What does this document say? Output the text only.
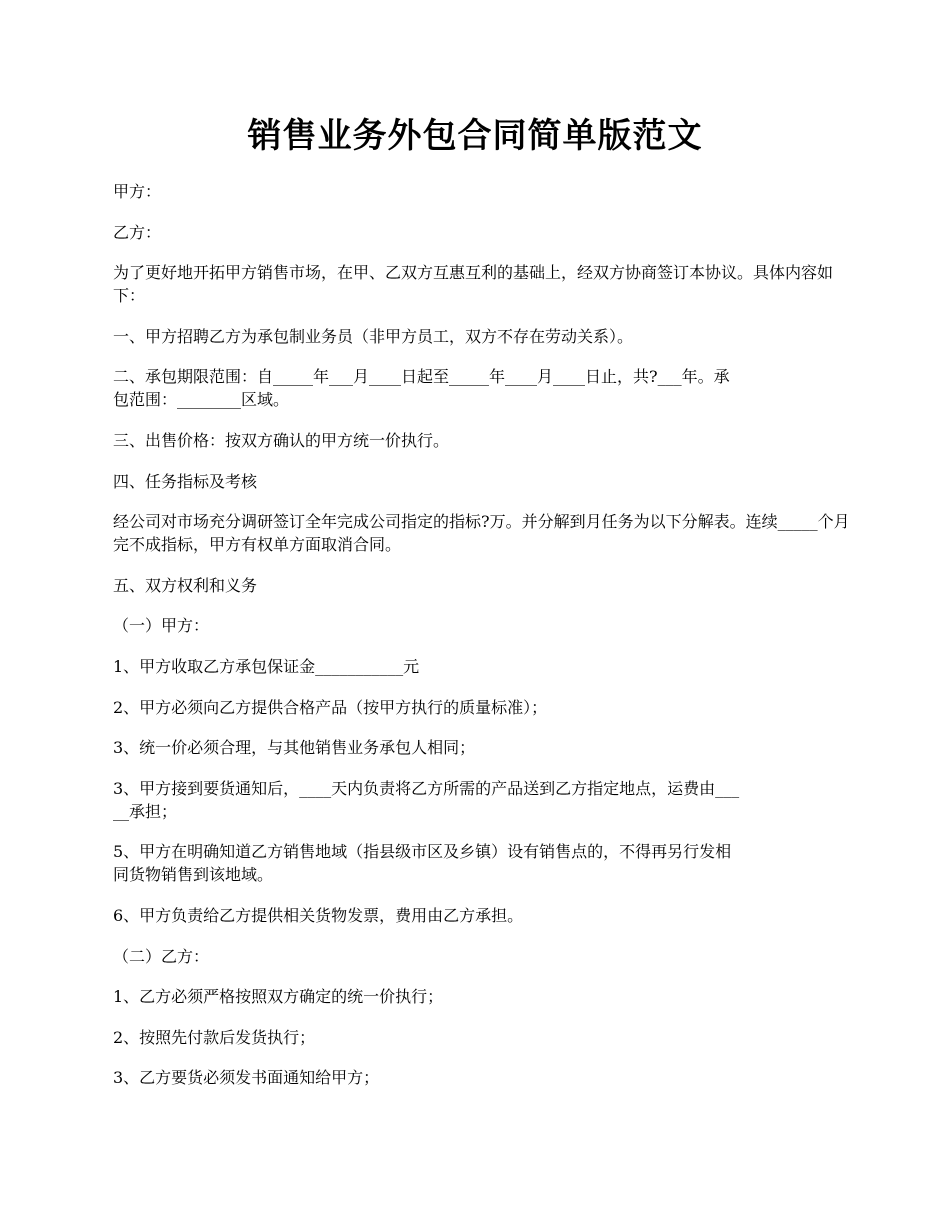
销售业务外包合同简单版范文

甲方：

乙方：

为了更好地开拓甲方销售市场，在甲、乙双方互惠互利的基础上，经双方协商签订本协议。具体内容如下：

一、甲方招聘乙方为承包制业务员（非甲方员工，双方不存在劳动关系）。

二、承包期限范围：自_____年___月____日起至_____年____月____日止，共?___年。承
包范围：________区域。

三、出售价格：按双方确认的甲方统一价执行。

四、任务指标及考核

经公司对市场充分调研签订全年完成公司指定的指标?万。并分解到月任务为以下分解表。连续_____个月完不成指标，甲方有权单方面取消合同。

五、双方权利和义务

（一）甲方：

1、甲方收取乙方承包保证金___________元

2、甲方必须向乙方提供合格产品（按甲方执行的质量标准）；

3、统一价必须合理，与其他销售业务承包人相同；

3、甲方接到要货通知后，____天内负责将乙方所需的产品送到乙方指定地点，运费由___
__承担；

5、甲方在明确知道乙方销售地域（指县级市区及乡镇）设有销售点的，不得再另行发相
同货物销售到该地域。

6、甲方负责给乙方提供相关货物发票，费用由乙方承担。

（二）乙方：

1、乙方必须严格按照双方确定的统一价执行；

2、按照先付款后发货执行；

3、乙方要货必须发书面通知给甲方；
